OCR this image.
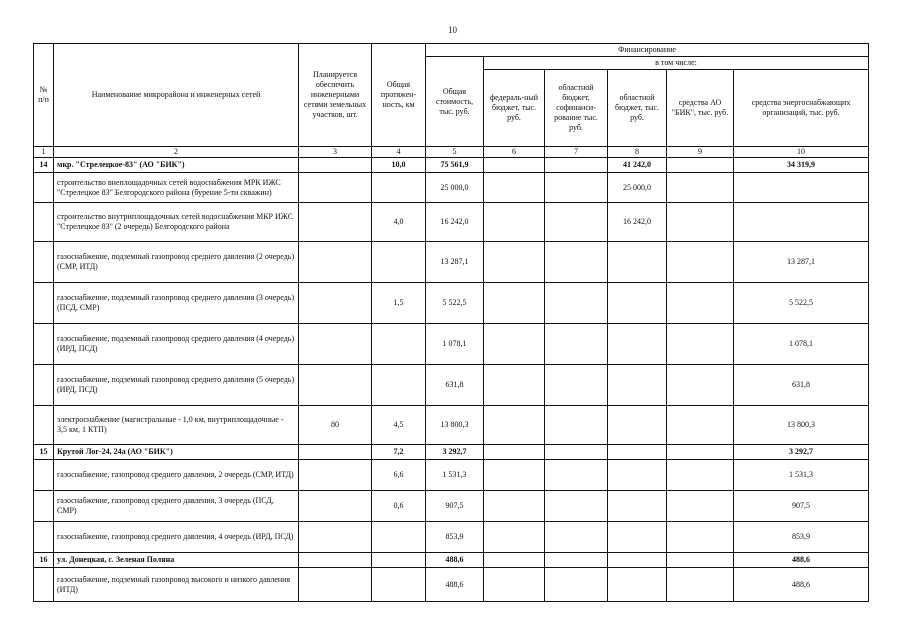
10
№ п/п	Наименование микрорайона и инженерных сетей	Планируется обеспечить инженерными сетями земельных участков, шт.	Общая протяжен-ность, км	Финансирование					
				Общая стоимость, тыс. руб.	в том числе:				
					федераль-ный бюджет, тыс. руб.	областной бюджет, софинанси-рование тыс. руб.	областной бюджет, тыс. руб.	средства АО "БИК", тыс. руб.	средства энергоснабжающих организаций, тыс. руб.
1	2	3	4	5	6	7	8	9	10
14	мкр. "Стрелецкое-83" (АО "БИК")		10,0	75 561,9			41 242,0		34 319,9
	строительство внеплощадочных сетей водоснабжения МРК ИЖС "Стрелецкое 83" Белгородского района (бурение 5-ти скважин)			25 000,0			25 000,0		
	строительство внутриплощадочных сетей водоснабжения МКР ИЖС "Стрелецкое 83" (2 очередь) Белгородского района		4,0	16 242,0			16 242,0		
	газоснабжение, подземный газопровод среднего давления (2 очередь) (СМР, ИТД)			13 287,1					13 287,1
	газоснабжение, подземный газопровод среднего давления (3 очередь) (ПСД, СМР)		1,5	5 522,5					5 522,5
	газоснабжение, подземный газопровод среднего давления (4 очередь) (ИРД, ПСД)			1 078,1					1 078,1
	газоснабжение, подземный газопровод среднего давления (5 очередь) (ИРД, ПСД)			631,8					631,8
	электроснабжение (магистральные - 1,0 км, внутриплощадочные - 3,5 км, 1 КТП)	80	4,5	13 800,3					13 800,3
15	Крутой Лог-24, 24а (АО "БИК")		7,2	3 292,7					3 292,7
	газоснабжение, газопровод среднего давления, 2 очередь (СМР, ИТД)		6,6	1 531,3					1 531,3
	газоснабжение, газопровод среднего давления, 3 очередь (ПСД, СМР)		0,6	907,5					907,5
	газоснабжение, газопровод среднего давления, 4 очередь (ИРД, ПСД)			853,9					853,9
16	ул. Донецкая, с. Зеленая Поляна			488,6					488,6
	газоснабжение, подземный газопровод высокого и низкого давления (ИТД)			488,6					488,6
